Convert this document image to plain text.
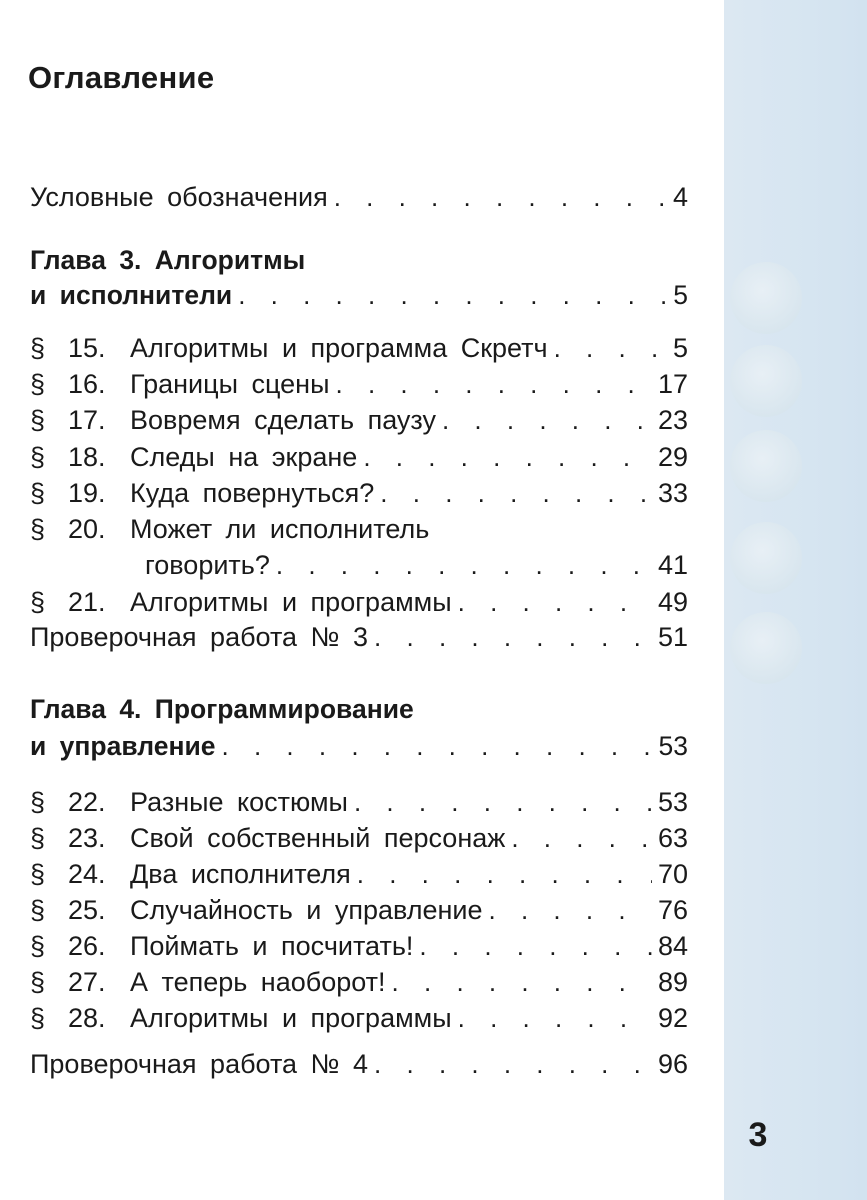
Оглавление
Условные обозначения . . .	4
Глава 3. Алгоритмы
и исполнители . . .	5
§ 15. Алгоритмы и программа Скретч . . .	5
§ 16. Границы сцены . . .	17
§ 17. Вовремя сделать паузу . . .	23
§ 18. Следы на экране . . .	29
§ 19. Куда повернуться? . . .	33
§ 20. Может ли исполнитель
говорить? . . .	41
§ 21. Алгоритмы и программы . . .	49
Проверочная работа № 3 . . .	51
Глава 4. Программирование
и управление . . .	53
§ 22. Разные костюмы . . .	53
§ 23. Свой собственный персонаж . . .	63
§ 24. Два исполнителя . . .	70
§ 25. Случайность и управление . . .	76
§ 26. Поймать и посчитать! . . .	84
§ 27. А теперь наоборот! . . .	89
§ 28. Алгоритмы и программы . . .	92
Проверочная работа № 4 . . .	96
3
